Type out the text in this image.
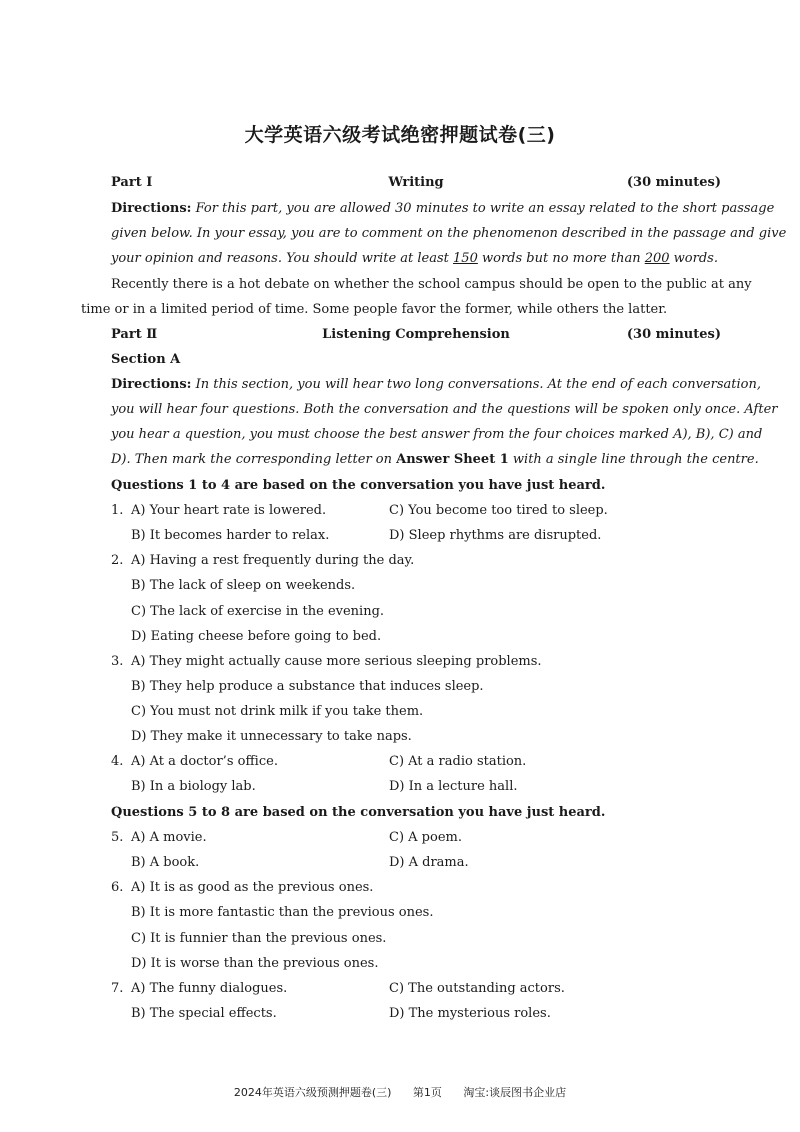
大学英语六级考试绝密押题试卷(三)
Part Ⅰ	Writing	(30 minutes)
Directions: For this part, you are allowed 30 minutes to write an essay related to the short passage
given below. In your essay, you are to comment on the phenomenon described in the passage and give
your opinion and reasons. You should write at least 150 words but no more than 200 words.
Recently there is a hot debate on whether the school campus should be open to the public at any
time or in a limited period of time. Some people favor the former, while others the latter.
Part Ⅱ	Listening Comprehension	(30 minutes)
Section A
Directions: In this section, you will hear two long conversations. At the end of each conversation,
you will hear four questions. Both the conversation and the questions will be spoken only once. After
you hear a question, you must choose the best answer from the four choices marked A), B), C) and
D). Then mark the corresponding letter on Answer Sheet 1 with a single line through the centre.
Questions 1 to 4 are based on the conversation you have just heard.
1. A) Your heart rate is lowered.	C) You become too tired to sleep.
B) It becomes harder to relax.	D) Sleep rhythms are disrupted.
2. A) Having a rest frequently during the day.
B) The lack of sleep on weekends.
C) The lack of exercise in the evening.
D) Eating cheese before going to bed.
3. A) They might actually cause more serious sleeping problems.
B) They help produce a substance that induces sleep.
C) You must not drink milk if you take them.
D) They make it unnecessary to take naps.
4. A) At a doctor’s office.	C) At a radio station.
B) In a biology lab.	D) In a lecture hall.
Questions 5 to 8 are based on the conversation you have just heard.
5. A) A movie.	C) A poem.
B) A book.	D) A drama.
6. A) It is as good as the previous ones.
B) It is more fantastic than the previous ones.
C) It is funnier than the previous ones.
D) It is worse than the previous ones.
7. A) The funny dialogues.	C) The outstanding actors.
B) The special effects.	D) The mysterious roles.
2024年英语六级预测押题卷(三) 第1页 淘宝:谈辰图书企业店
